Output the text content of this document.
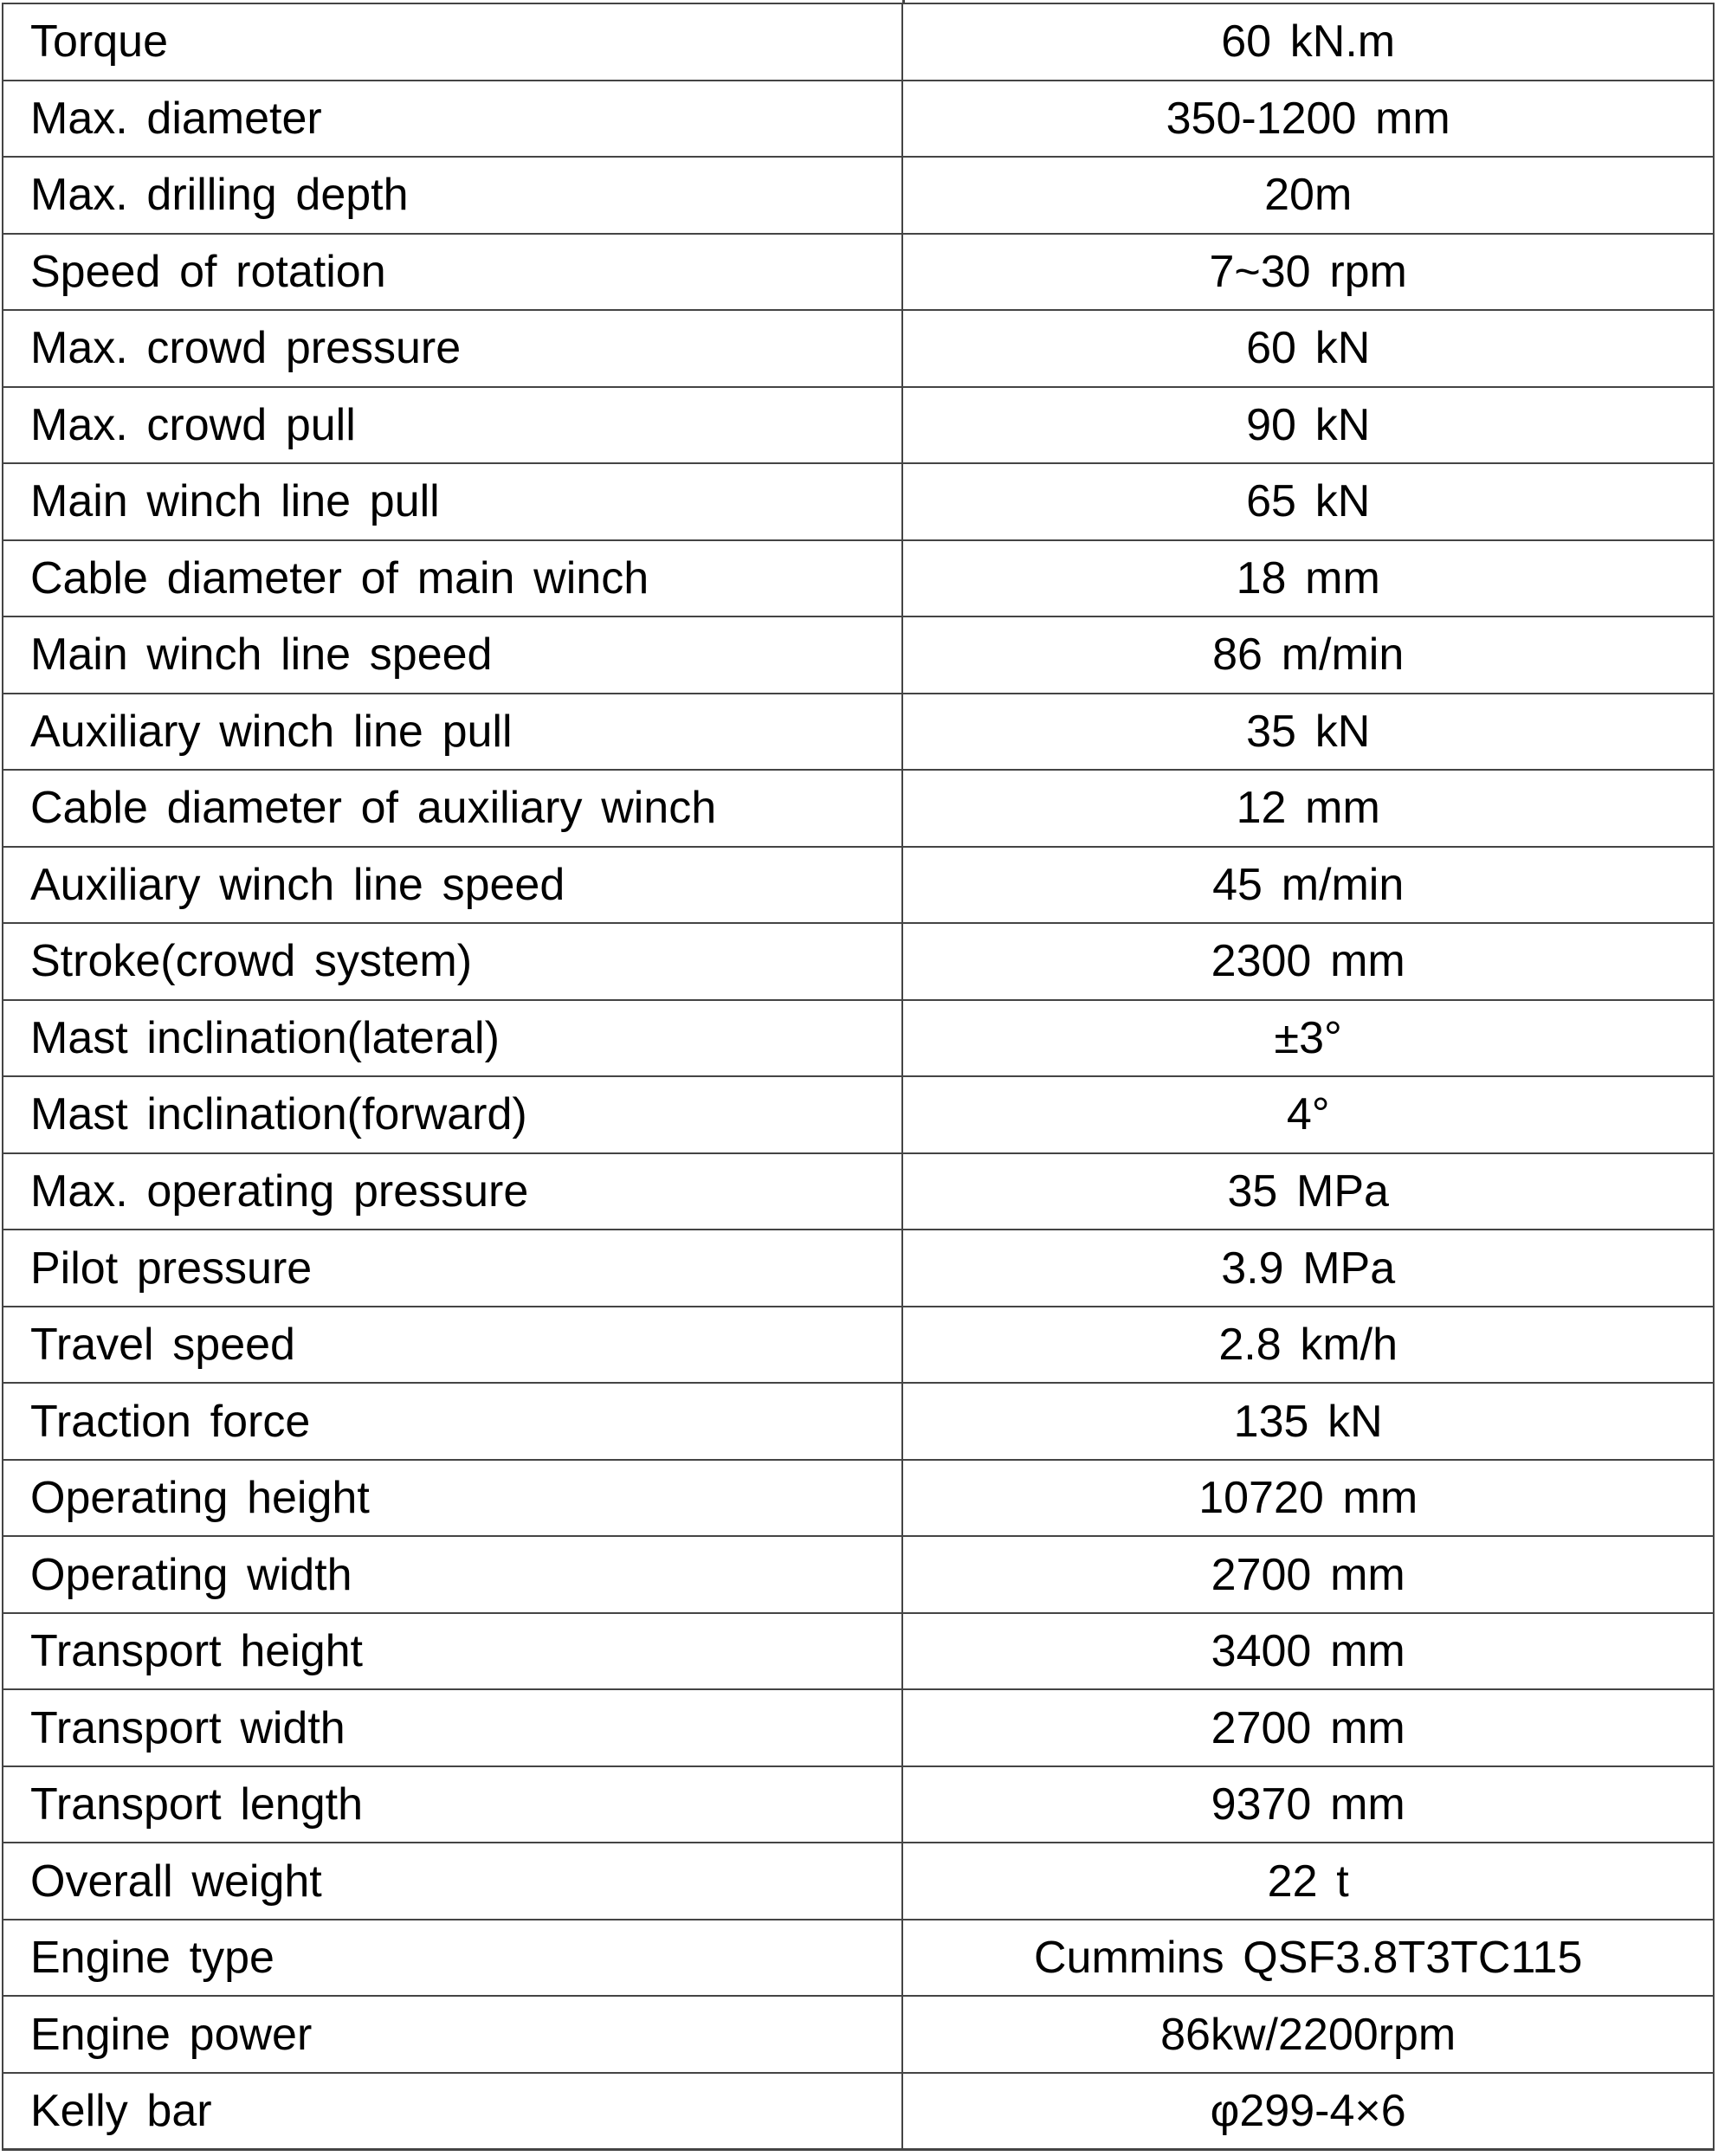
Torque	60 kN.m
Max. diameter	350-1200 mm
Max. drilling depth	20m
Speed of rotation	7~30 rpm
Max. crowd pressure	60 kN
Max. crowd pull	90 kN
Main winch line pull	65 kN
Cable diameter of main winch	18 mm
Main winch line speed	86 m/min
Auxiliary winch line pull	35 kN
Cable diameter of auxiliary winch	12 mm
Auxiliary winch line speed	45 m/min
Stroke(crowd system)	2300 mm
Mast inclination(lateral)	±3°
Mast inclination(forward)	4°
Max. operating pressure	35 MPa
Pilot pressure	3.9 MPa
Travel speed	2.8 km/h
Traction force	135 kN
Operating height	10720 mm
Operating width	2700 mm
Transport height	3400 mm
Transport width	2700 mm
Transport length	9370 mm
Overall weight	22 t
Engine type	Cummins QSF3.8T3TC115
Engine power	86kw/2200rpm
Kelly bar	φ299-4×6
